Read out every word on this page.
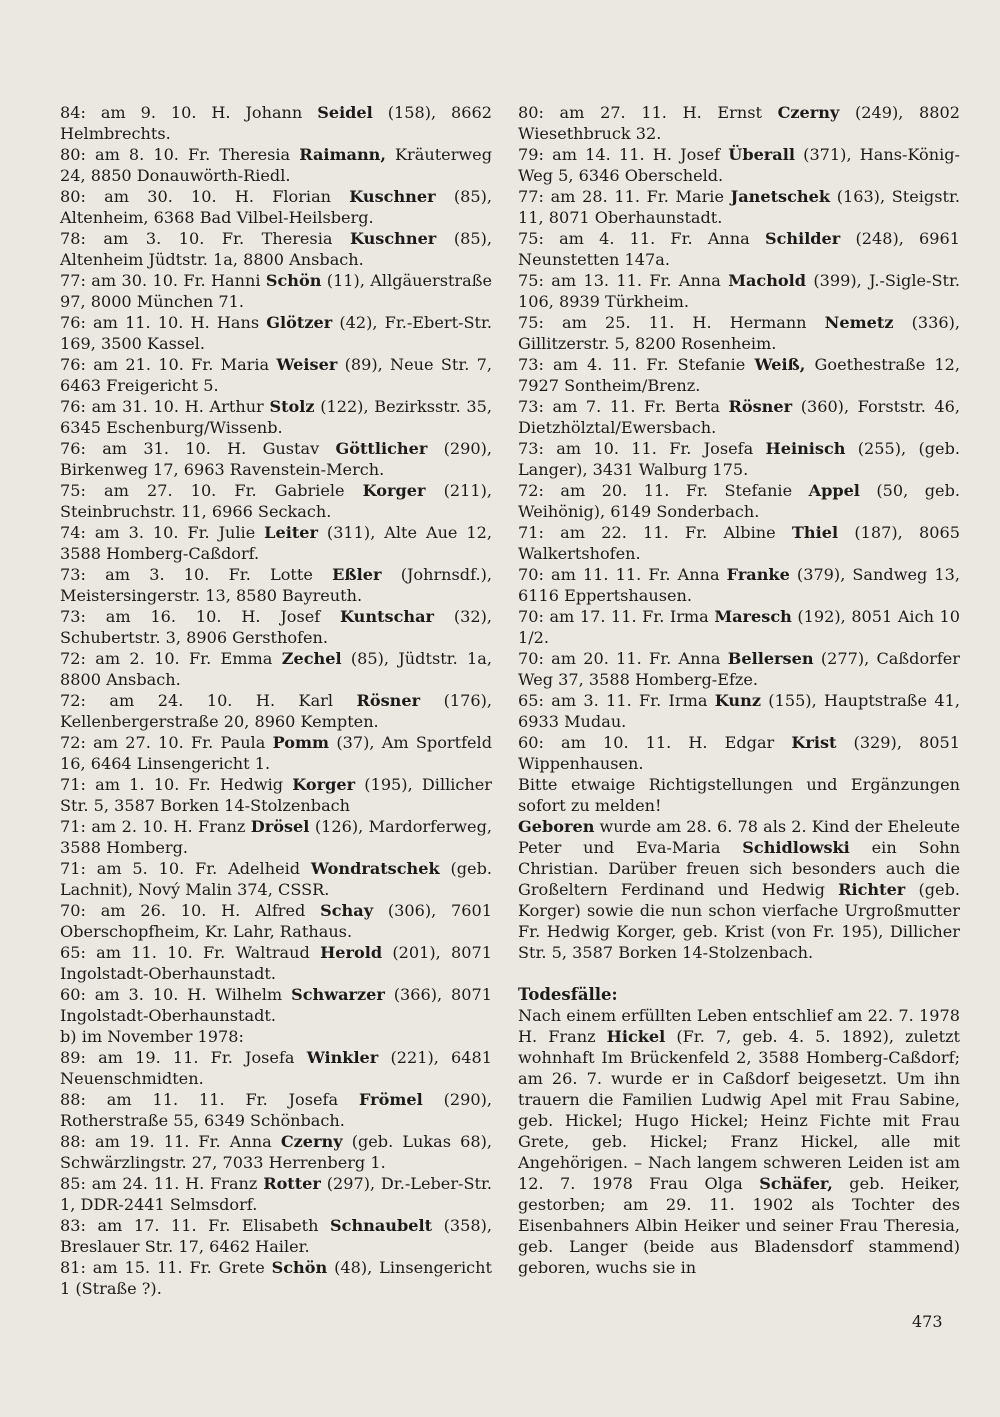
84: am 9. 10. H. Johann Seidel (158), 8662 Helmbrechts.

80: am 8. 10. Fr. Theresia Raimann, Kräuterweg 24, 8850 Donauwörth-Riedl.

80: am 30. 10. H. Florian Kuschner (85), Altenheim, 6368 Bad Vilbel-Heilsberg.

78: am 3. 10. Fr. Theresia Kuschner (85), Altenheim Jüdtstr. 1a, 8800 Ansbach.

77: am 30. 10. Fr. Hanni Schön (11), Allgäuerstraße 97, 8000 München 71.

76: am 11. 10. H. Hans Glötzer (42), Fr.-Ebert-Str. 169, 3500 Kassel.

76: am 21. 10. Fr. Maria Weiser (89), Neue Str. 7, 6463 Freigericht 5.

76: am 31. 10. H. Arthur Stolz (122), Bezirksstr. 35, 6345 Eschenburg/Wissenb.

76: am 31. 10. H. Gustav Göttlicher (290), Birkenweg 17, 6963 Ravenstein-Merch.

75: am 27. 10. Fr. Gabriele Korger (211), Steinbruchstr. 11, 6966 Seckach.

74: am 3. 10. Fr. Julie Leiter (311), Alte Aue 12, 3588 Homberg-Caßdorf.

73: am 3. 10. Fr. Lotte Eßler (Johrnsdf.), Meistersingerstr. 13, 8580 Bayreuth.

73: am 16. 10. H. Josef Kuntschar (32), Schubertstr. 3, 8906 Gersthofen.

72: am 2. 10. Fr. Emma Zechel (85), Jüdtstr. 1a, 8800 Ansbach.

72: am 24. 10. H. Karl Rösner (176), Kellenbergerstraße 20, 8960 Kempten.

72: am 27. 10. Fr. Paula Pomm (37), Am Sportfeld 16, 6464 Linsengericht 1.

71: am 1. 10. Fr. Hedwig Korger (195), Dillicher Str. 5, 3587 Borken 14-Stolzenbach

71: am 2. 10. H. Franz Drösel (126), Mardorferweg, 3588 Homberg.

71: am 5. 10. Fr. Adelheid Wondratschek (geb. Lachnit), Nový Malin 374, CSSR.

70: am 26. 10. H. Alfred Schay (306), 7601 Oberschopfheim, Kr. Lahr, Rathaus.

65: am 11. 10. Fr. Waltraud Herold (201), 8071 Ingolstadt-Oberhaunstadt.

60: am 3. 10. H. Wilhelm Schwarzer (366), 8071 Ingolstadt-Oberhaunstadt.

b) im November 1978:

89: am 19. 11. Fr. Josefa Winkler (221), 6481 Neuenschmidten.

88: am 11. 11. Fr. Josefa Frömel (290), Rotherstraße 55, 6349 Schönbach.

88: am 19. 11. Fr. Anna Czerny (geb. Lukas 68), Schwärzlingstr. 27, 7033 Herrenberg 1.

85: am 24. 11. H. Franz Rotter (297), Dr.-Leber-Str. 1, DDR-2441 Selmsdorf.

83: am 17. 11. Fr. Elisabeth Schnaubelt (358), Breslauer Str. 17, 6462 Hailer.

81: am 15. 11. Fr. Grete Schön (48), Linsengericht 1 (Straße ?).

80: am 27. 11. H. Ernst Czerny (249), 8802 Wiesethbruck 32.

79: am 14. 11. H. Josef Überall (371), Hans-König-Weg 5, 6346 Oberscheld.

77: am 28. 11. Fr. Marie Janetschek (163), Steigstr. 11, 8071 Oberhaunstadt.

75: am 4. 11. Fr. Anna Schilder (248), 6961 Neunstetten 147a.

75: am 13. 11. Fr. Anna Machold (399), J.-Sigle-Str. 106, 8939 Türkheim.

75: am 25. 11. H. Hermann Nemetz (336), Gillitzerstr. 5, 8200 Rosenheim.

73: am 4. 11. Fr. Stefanie Weiß, Goethestraße 12, 7927 Sontheim/Brenz.

73: am 7. 11. Fr. Berta Rösner (360), Forststr. 46, Dietzhölztal/Ewersbach.

73: am 10. 11. Fr. Josefa Heinisch (255), (geb. Langer), 3431 Walburg 175.

72: am 20. 11. Fr. Stefanie Appel (50, geb. Weihönig), 6149 Sonderbach.

71: am 22. 11. Fr. Albine Thiel (187), 8065 Walkertshofen.

70: am 11. 11. Fr. Anna Franke (379), Sandweg 13, 6116 Eppertshausen.

70: am 17. 11. Fr. Irma Maresch (192), 8051 Aich 10 1/2.

70: am 20. 11. Fr. Anna Bellersen (277), Caßdorfer Weg 37, 3588 Homberg-Efze.

65: am 3. 11. Fr. Irma Kunz (155), Hauptstraße 41, 6933 Mudau.

60: am 10. 11. H. Edgar Krist (329), 8051 Wippenhausen.

Bitte etwaige Richtigstellungen und Ergänzungen sofort zu melden!

Geboren wurde am 28. 6. 78 als 2. Kind der Eheleute Peter und Eva-Maria Schidlowski ein Sohn Christian. Darüber freuen sich besonders auch die Großeltern Ferdinand und Hedwig Richter (geb. Korger) sowie die nun schon vierfache Urgroßmutter Fr. Hedwig Korger, geb. Krist (von Fr. 195), Dillicher Str. 5, 3587 Borken 14-Stolzenbach.

Todesfälle:

Nach einem erfüllten Leben entschlief am 22. 7. 1978 H. Franz Hickel (Fr. 7, geb. 4. 5. 1892), zuletzt wohnhaft Im Brückenfeld 2, 3588 Homberg-Caßdorf; am 26. 7. wurde er in Caßdorf beigesetzt. Um ihn trauern die Familien Ludwig Apel mit Frau Sabine, geb. Hickel; Hugo Hickel; Heinz Fichte mit Frau Grete, geb. Hickel; Franz Hickel, alle mit Angehörigen. – Nach langem schweren Leiden ist am 12. 7. 1978 Frau Olga Schäfer, geb. Heiker, gestorben; am 29. 11. 1902 als Tochter des Eisenbahners Albin Heiker und seiner Frau Theresia, geb. Langer (beide aus Bladensdorf stammend) geboren, wuchs sie in

473
